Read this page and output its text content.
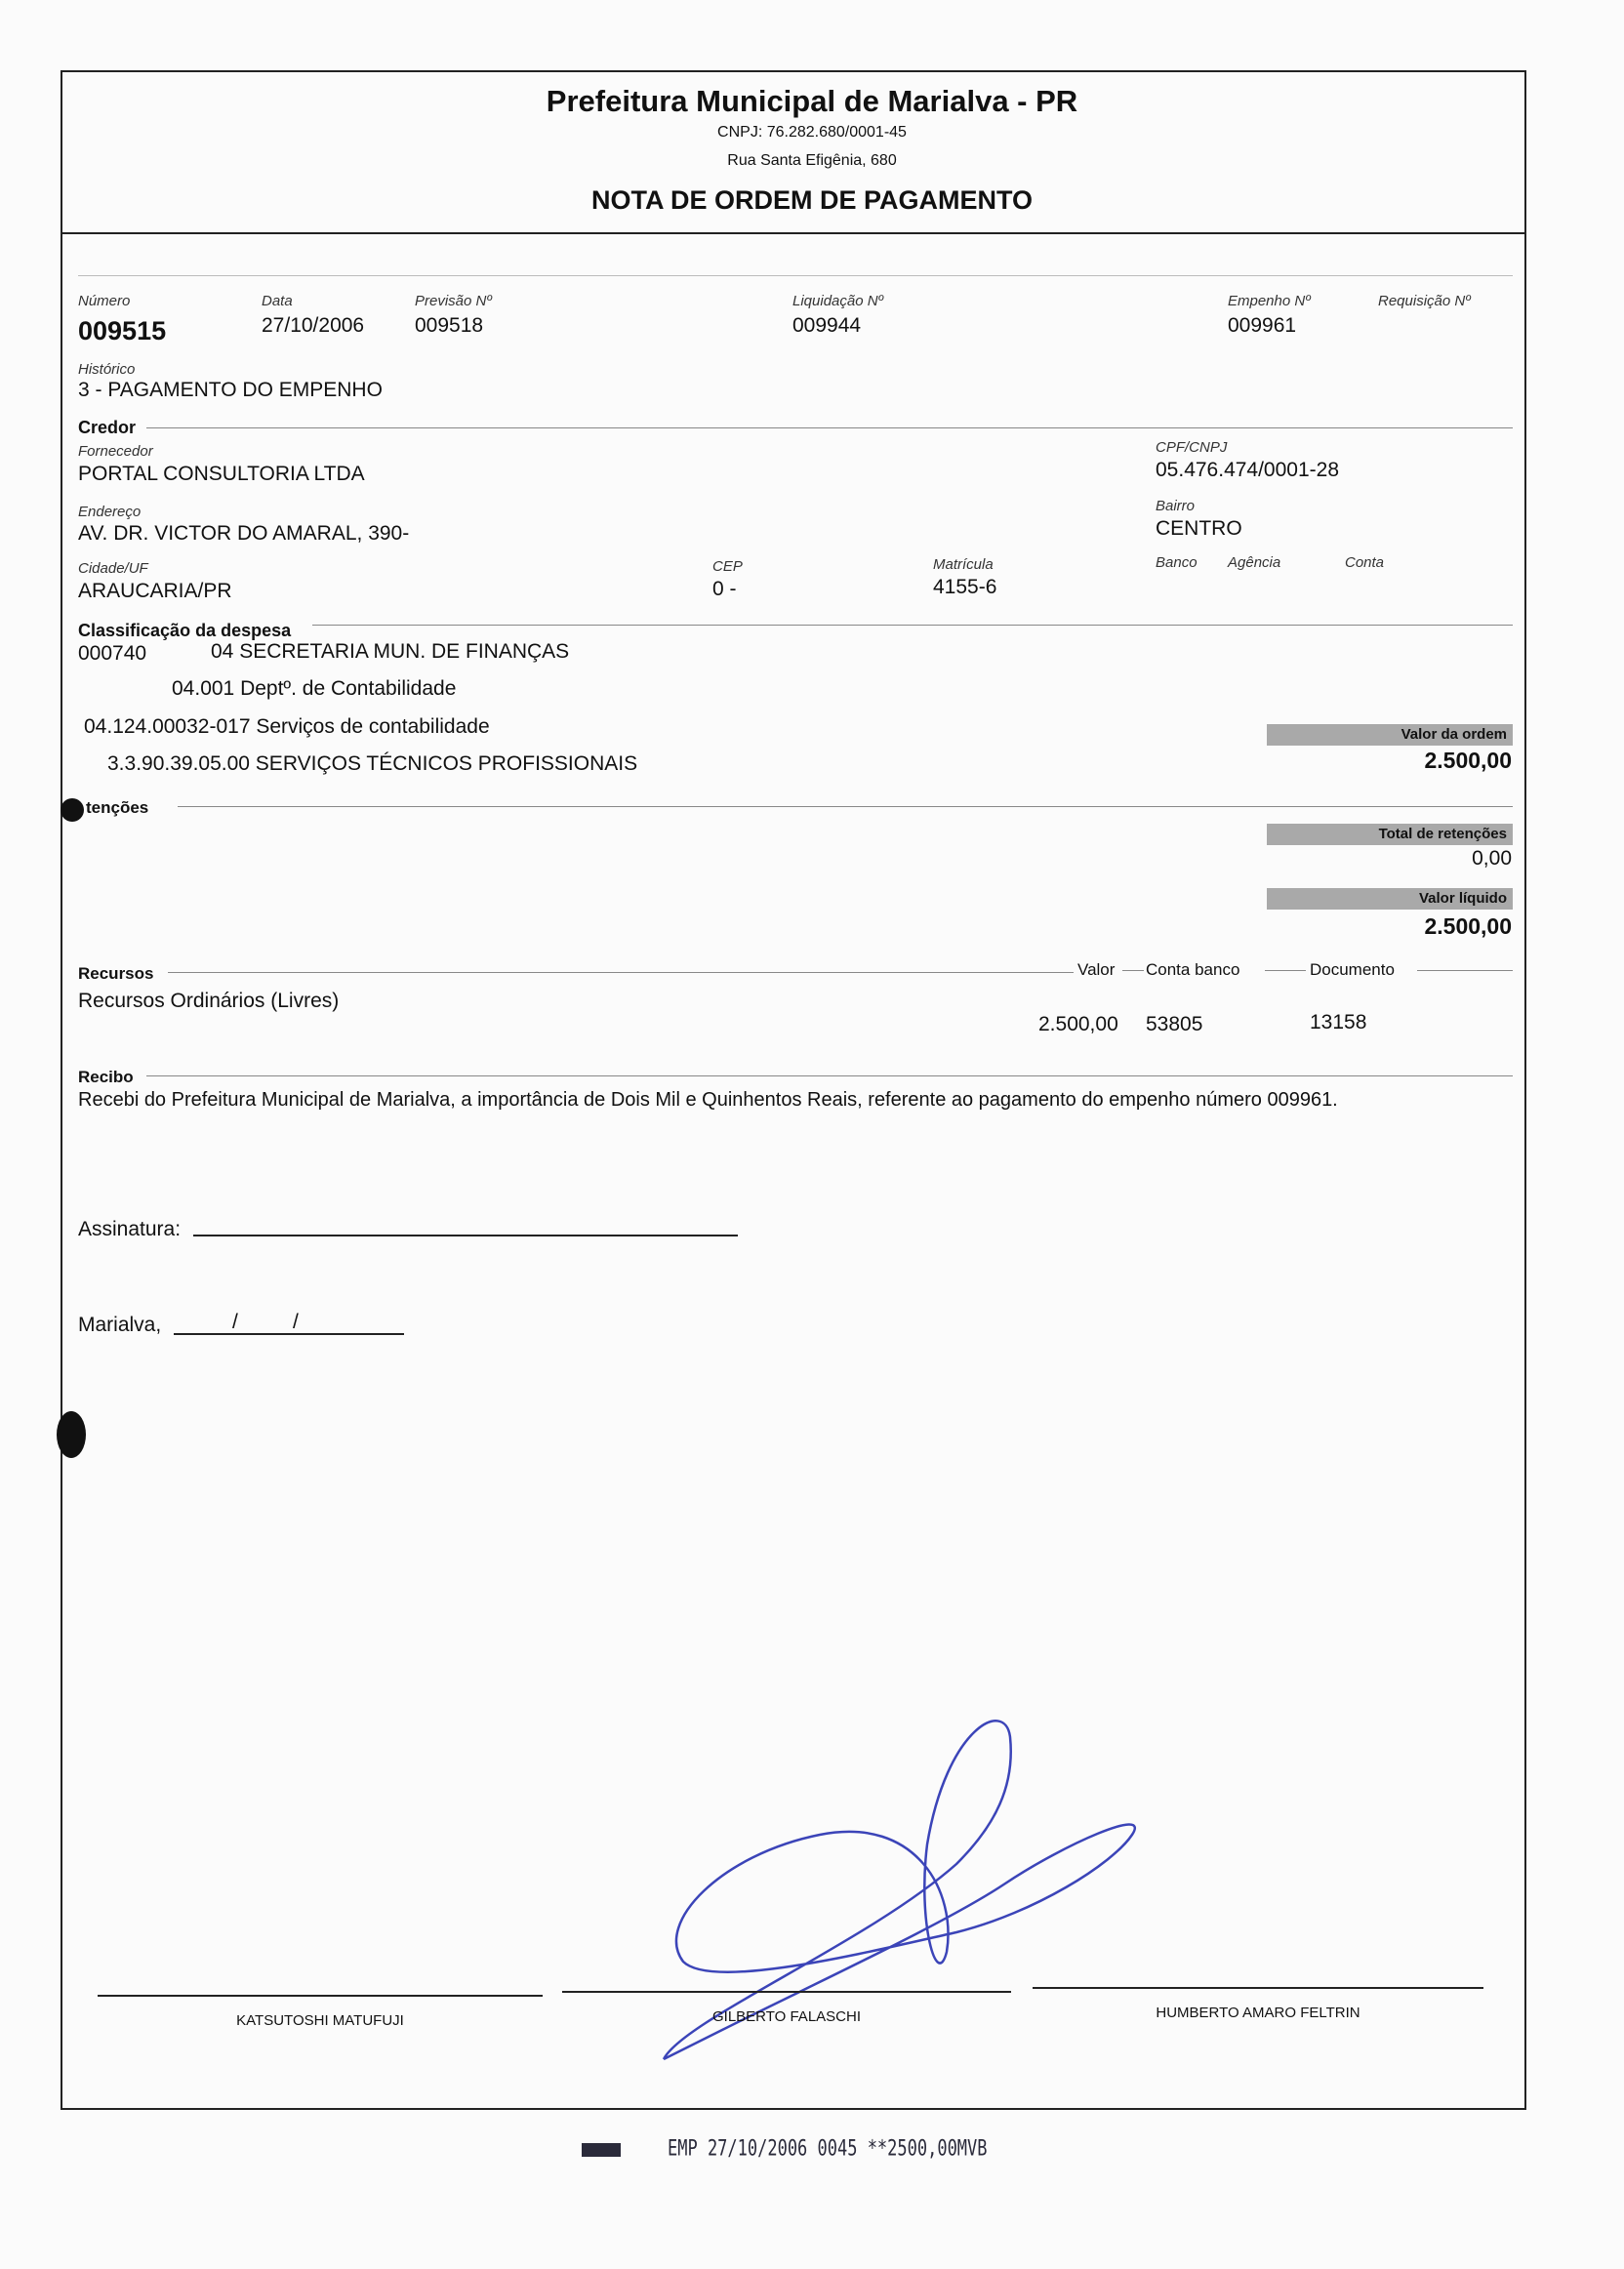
Prefeitura Municipal de Marialva - PR
CNPJ: 76.282.680/0001-45
Rua Santa Efigênia, 680
NOTA DE ORDEM DE PAGAMENTO
Número
009515
Data
27/10/2006
Previsão Nº
009518
Liquidação Nº
009944
Empenho Nº
009961
Requisição Nº
Histórico
3 - PAGAMENTO DO EMPENHO
Credor
Fornecedor
PORTAL CONSULTORIA LTDA
CPF/CNPJ
05.476.474/0001-28
Endereço
AV. DR. VICTOR DO AMARAL, 390-
Bairro
CENTRO
Cidade/UF
ARAUCARIA/PR
CEP
0 -
Matrícula
4155-6
Banco Agência	Conta
Classificação da despesa
000740	04 SECRETARIA MUN. DE FINANÇAS
04.001 Deptº. de Contabilidade
04.124.00032-017 Serviços de contabilidade
3.3.90.39.05.00 SERVIÇOS TÉCNICOS PROFISSIONAIS
Valor da ordem
2.500,00
tenções
Total de retenções
0,00
Valor líquido
2.500,00
Recursos	Valor Conta banco	Documento
Recursos Ordinários (Livres)
2.500,00 53805	13158
Recibo
Recebi do Prefeitura Municipal de Marialva, a importância de Dois Mil e Quinhentos Reais, referente ao pagamento do empenho número 009961.
Assinatura:
Marialva,	/	/
KATSUTOSHI MATUFUJI	GILBERTO FALASCHI	HUMBERTO AMARO FELTRIN
EMP 27/10/2006 0045 **2500,00MVB
